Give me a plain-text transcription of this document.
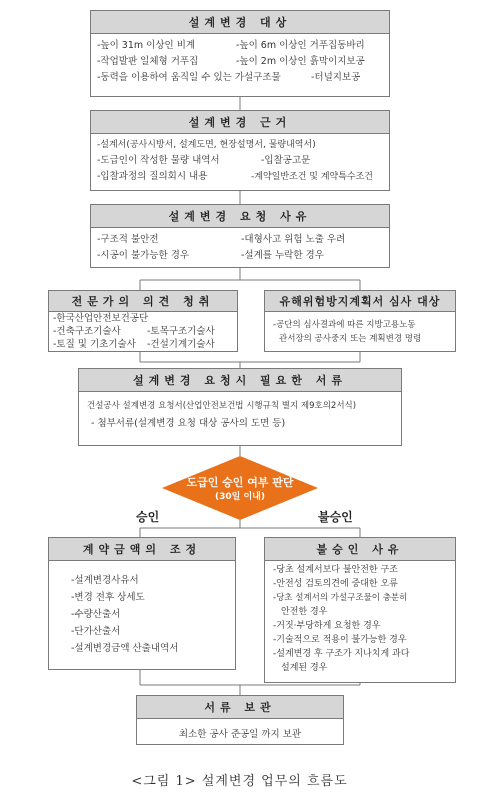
설계변경 대상
-높이 31m 이상인 비계	-높이 6m 이상인 거푸집동바리
-작업발판 일체형 거푸집	-높이 2m 이상인 흙막이지보공
-동력을 이용하여 움직일 수 있는 가설구조물	-터널지보공
설계변경 근거
-설계서(공사시방서, 설계도면, 현장설명서, 물량내역서)
-도급인이 작성한 물량 내역서	-입찰공고문
-입찰과정의 질의회시 내용	-계약일반조건 및 계약특수조건
설계변경 요청 사유
-구조적 불안전	-대형사고 위험 노출 우려
-시공이 불가능한 경우	-설계를 누락한 경우
전문가의 의견 청취
-한국산업안전보건공단
-건축구조기술사	-토목구조기술사
-토질 및 기초기술사 -건설기계기술사
유해위험방지계획서 심사 대상
-공단의 심사결과에 따른 지방고용노동
관서장의 공사중지 또는 계획변경 명령
설계변경 요청시 필요한 서류
건설공사 설계변경 요청서(산업안전보건법 시행규칙 별지 제9호의2서식)
- 첨부서류(설계변경 요청 대상 공사의 도면 등)
도급인 승인 여부 판단
(30일 이내)
승인	불승인
계약금액의 조정
-설계변경사유서
-변경 전후 상세도
-수량산출서
-단가산출서
-설계변경금액 산출내역서
불승인 사유
-당초 설계서보다 불안전한 구조
-안전성 검토의견에 중대한 오류
-당초 설계서의 가설구조물이 충분히
안전한 경우
-거짓·부당하게 요청한 경우
-기술적으로 적용이 불가능한 경우
-설계변경 후 구조가 지나치게 과다
설계된 경우
서류 보관
최소한 공사 준공일 까지 보관
<그림 1> 설계변경 업무의 흐름도
